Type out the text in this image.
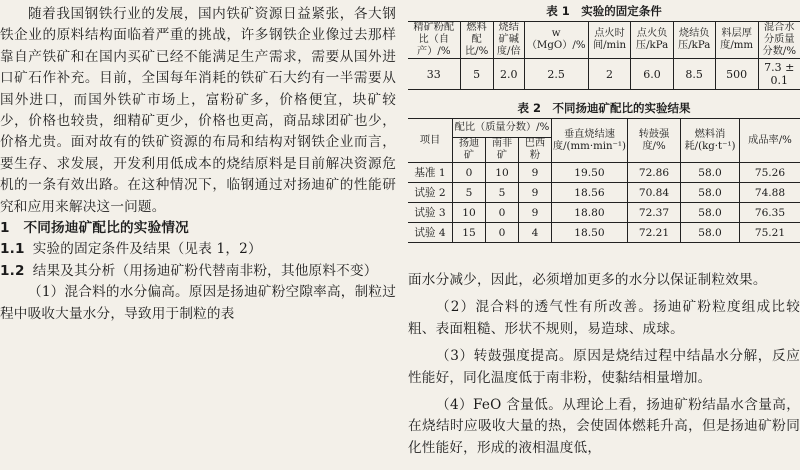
随着我国钢铁行业的发展，国内铁矿资源日益紧张，各大钢铁企业的原料结构面临着严重的挑战，许多钢铁企业像过去那样靠自产铁矿和在国内买矿已经不能满足生产需求，需要从国外进口矿石作补充。目前，全国每年消耗的铁矿石大约有一半需要从国外进口，而国外铁矿市场上，富粉矿多，价格便宜，块矿较少，价格也较贵，细精矿更少，价格也更高，商品球团矿也少，价格尤贵。面对故有的铁矿资源的布局和结构对钢铁企业而言，要生存、求发展，开发利用低成本的烧结原料是目前解决资源危机的一条有效出路。在这种情况下，临钢通过对扬迪矿的性能研究和应用来解决这一问题。

1　不同扬迪矿配比的实验情况

1.1 实验的固定条件及结果（见表 1，2）

1.2 结果及其分析（用扬迪矿粉代替南非粉，其他原料不变）

（1）混合料的水分偏高。原因是扬迪矿粉空隙率高，制粒过程中吸收大量水分，导致用于制粒的表

表 1　实验的固定条件
精矿粉配比（自产）/%	燃料配比/%	烧结矿碱度/倍	w（MgO）/%	点火时间/min	点火负压/kPa	烧结负压/kPa	料层厚度/mm	混合水分质量分数/%
33	5	2.0	2.5	2	6.0	8.5	500	7.3 ± 0.1
表 2　不同扬迪矿配比的实验结果
项目	配比（质量分数）/%			垂直烧结速度/(mm·min⁻¹)	转鼓强度/%	燃料消耗/(kg·t⁻¹)	成品率/%
	扬迪矿	南非矿	巴西粉				
基准 1	0	10	9	19.50	72.86	58.0	75.26
试验 2	5	5	9	18.56	70.84	58.0	74.88
试验 3	10	0	9	18.80	72.37	58.0	76.35
试验 4	15	0	4	18.50	72.21	58.0	75.21

面水分减少，因此，必须增加更多的水分以保证制粒效果。

（2）混合料的透气性有所改善。扬迪矿粉粒度组成比较粗、表面粗糙、形状不规则，易造球、成球。

（3）转鼓强度提高。原因是烧结过程中结晶水分解，反应性能好，同化温度低于南非粉，使黏结相量增加。

（4）FeO 含量低。从理论上看，扬迪矿粉结晶水含量高，在烧结时应吸收大量的热，会使固体燃耗升高，但是扬迪矿粉同化性能好，形成的液相温度低，
